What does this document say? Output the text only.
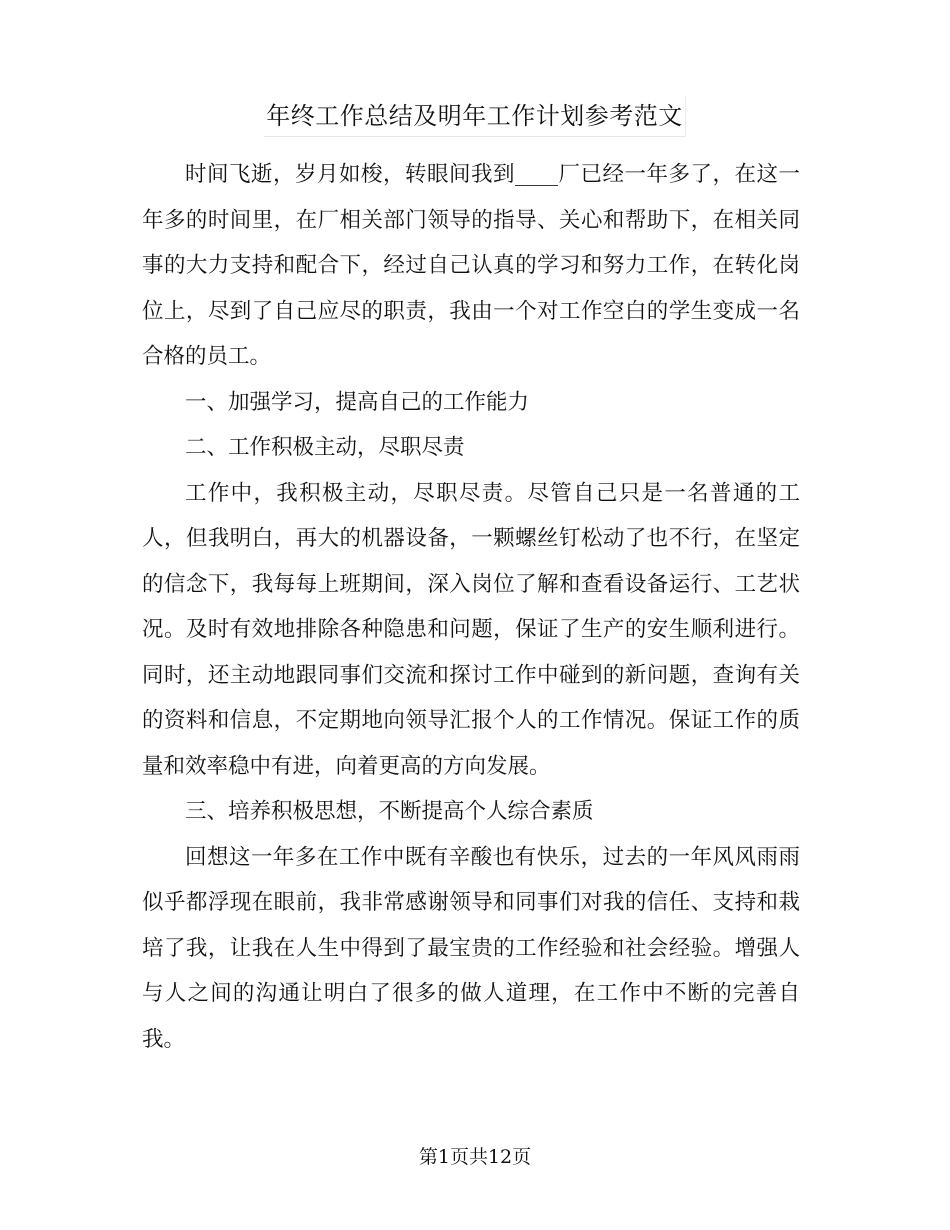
年终工作总结及明年工作计划参考范文

时间飞逝，岁月如梭，转眼间我到____厂已经一年多了，在这一年多的时间里，在厂相关部门领导的指导、关心和帮助下，在相关同事的大力支持和配合下，经过自己认真的学习和努力工作，在转化岗位上，尽到了自己应尽的职责，我由一个对工作空白的学生变成一名合格的员工。

一、加强学习，提高自己的工作能力

二、工作积极主动，尽职尽责

工作中，我积极主动，尽职尽责。尽管自己只是一名普通的工人，但我明白，再大的机器设备，一颗螺丝钉松动了也不行，在坚定的信念下，我每每上班期间，深入岗位了解和查看设备运行、工艺状况。及时有效地排除各种隐患和问题，保证了生产的安生顺利进行。同时，还主动地跟同事们交流和探讨工作中碰到的新问题，查询有关的资料和信息，不定期地向领导汇报个人的工作情况。保证工作的质量和效率稳中有进，向着更高的方向发展。

三、培养积极思想，不断提高个人综合素质

回想这一年多在工作中既有辛酸也有快乐，过去的一年风风雨雨似乎都浮现在眼前，我非常感谢领导和同事们对我的信任、支持和栽培了我，让我在人生中得到了最宝贵的工作经验和社会经验。增强人与人之间的沟通让明白了很多的做人道理，在工作中不断的完善自我。

第1页共12页
